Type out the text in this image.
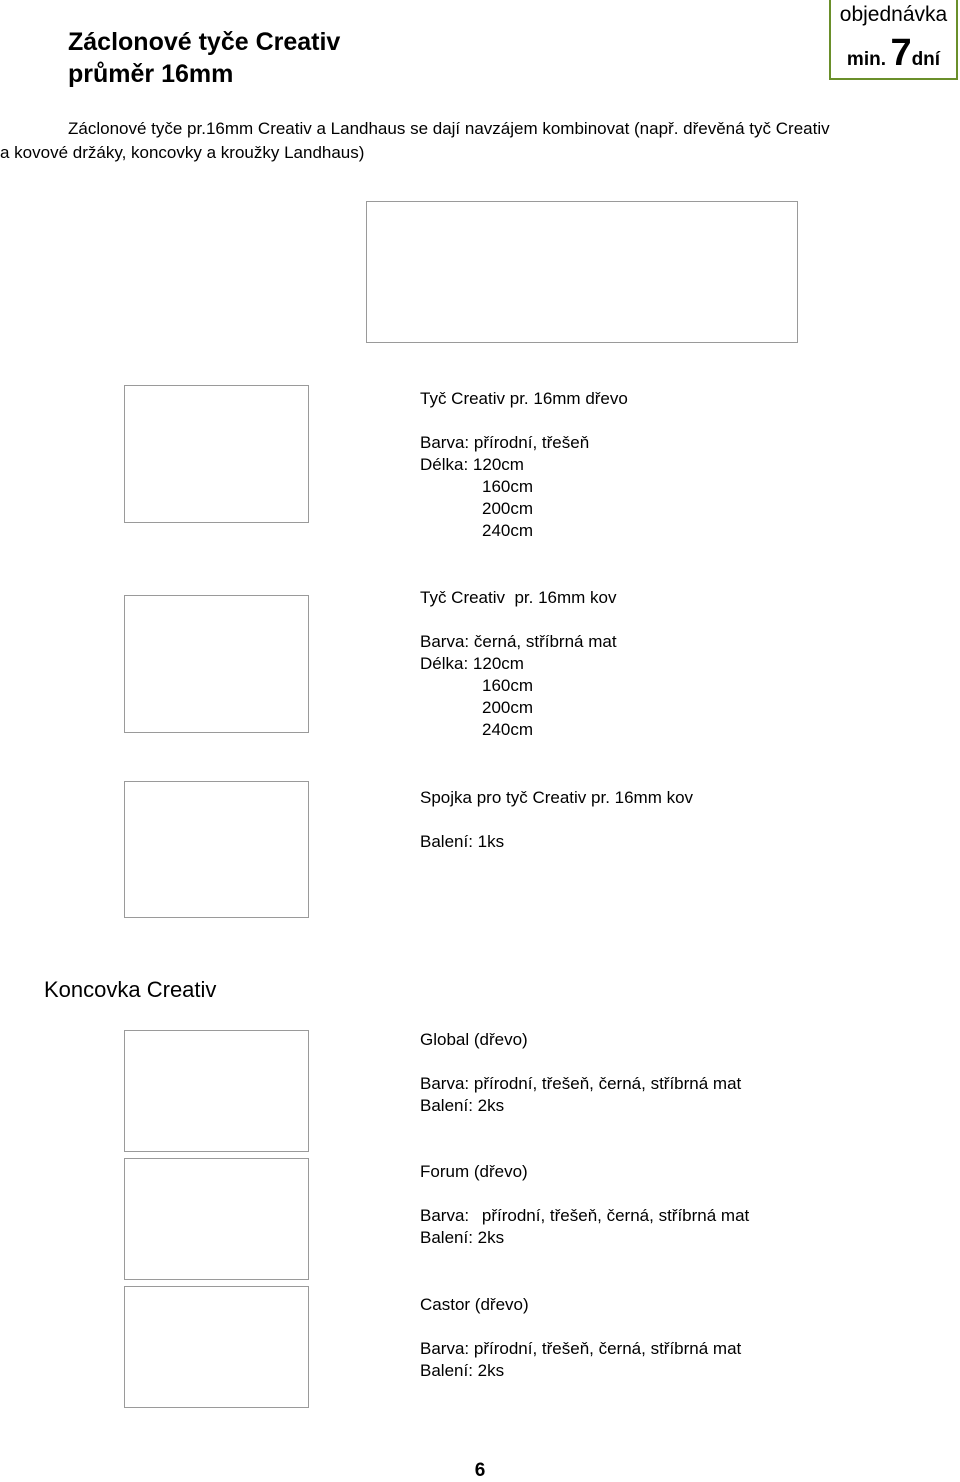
Záclonové tyče Creativ
průměr 16mm
objednávka
min. 7dní
Záclonové tyče pr.16mm Creativ a Landhaus se dají navzájem kombinovat (např. dřevěná tyč Creativ
a kovové držáky, koncovky a kroužky Landhaus)
Tyč Creativ pr. 16mm dřevo
Barva: přírodní, třešeň
Délka: 120cm
160cm
200cm
240cm
Tyč Creativ  pr. 16mm kov
Barva: černá, stříbrná mat
Délka: 120cm
160cm
200cm
240cm
Spojka pro tyč Creativ pr. 16mm kov
Balení: 1ks
Koncovka Creativ
Global (dřevo)
Barva: přírodní, třešeň, černá, stříbrná mat
Balení: 2ks
Forum (dřevo)
Barva: přírodní, třešeň, černá, stříbrná mat
Balení: 2ks
Castor (dřevo)
Barva: přírodní, třešeň, černá, stříbrná mat
Balení: 2ks
6
